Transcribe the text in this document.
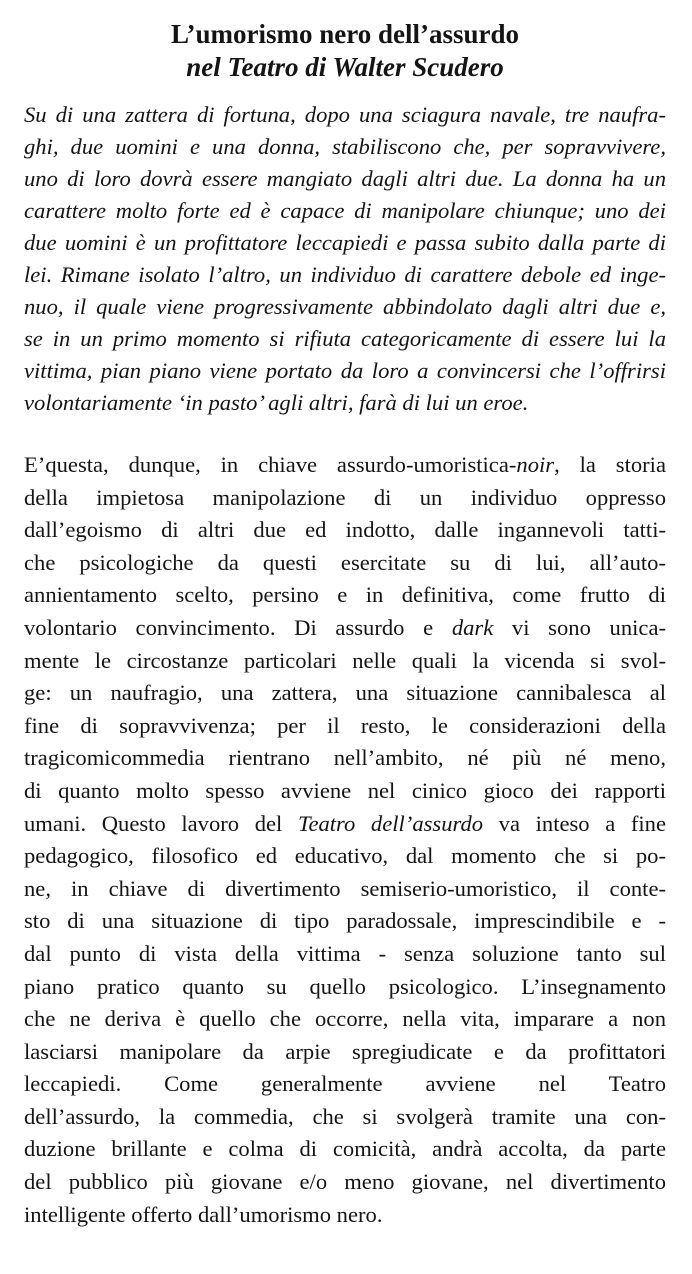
L’umorismo nero dell’assurdo
nel Teatro di Walter Scudero
Su di una zattera di fortuna, dopo una sciagura navale, tre naufra-
ghi, due uomini e una donna, stabiliscono che, per sopravvivere,
uno di loro dovrà essere mangiato dagli altri due. La donna ha un
carattere molto forte ed è capace di manipolare chiunque; uno dei
due uomini è un profittatore leccapiedi e passa subito dalla parte di
lei. Rimane isolato l’altro, un individuo di carattere debole ed inge-
nuo, il quale viene progressivamente abbindolato dagli altri due e,
se in un primo momento si rifiuta categoricamente di essere lui la
vittima, pian piano viene portato da loro a convincersi che l’offrirsi
volontariamente ‘in pasto’ agli altri, farà di lui un eroe.
E’questa, dunque, in chiave assurdo-umoristica-noir, la storia
della impietosa manipolazione di un individuo oppresso
dall’egoismo di altri due ed indotto, dalle ingannevoli tatti-
che psicologiche da questi esercitate su di lui, all’auto-
annientamento scelto, persino e in definitiva, come frutto di
volontario convincimento. Di assurdo e dark vi sono unica-
mente le circostanze particolari nelle quali la vicenda si svol-
ge: un naufragio, una zattera, una situazione cannibalesca al
fine di sopravvivenza; per il resto, le considerazioni della
tragicomicommedia rientrano nell’ambito, né più né meno,
di quanto molto spesso avviene nel cinico gioco dei rapporti
umani. Questo lavoro del Teatro dell’assurdo va inteso a fine
pedagogico, filosofico ed educativo, dal momento che si po-
ne, in chiave di divertimento semiserio-umoristico, il conte-
sto di una situazione di tipo paradossale, imprescindibile e -
dal punto di vista della vittima - senza soluzione tanto sul
piano pratico quanto su quello psicologico. L’insegnamento
che ne deriva è quello che occorre, nella vita, imparare a non
lasciarsi manipolare da arpie spregiudicate e da profittatori
leccapiedi. Come generalmente avviene nel Teatro
dell’assurdo, la commedia, che si svolgerà tramite una con-
duzione brillante e colma di comicità, andrà accolta, da parte
del pubblico più giovane e/o meno giovane, nel divertimento
intelligente offerto dall’umorismo nero.
